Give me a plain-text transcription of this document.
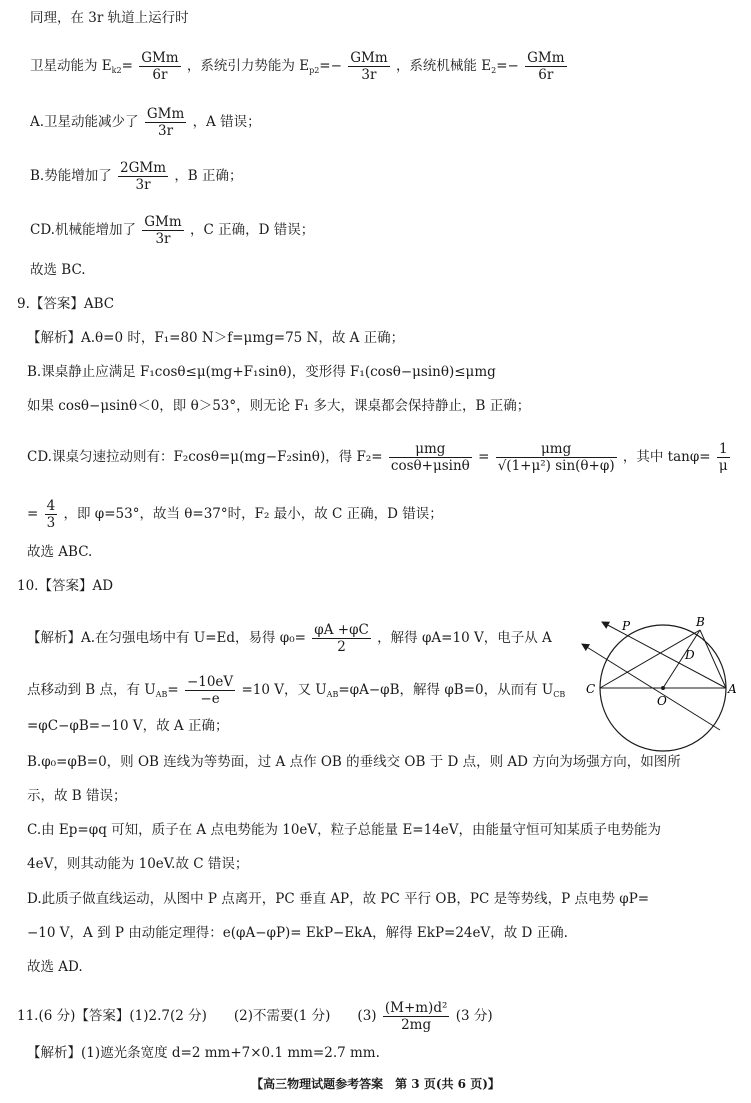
同理，在 3r 轨道上运行时
卫星动能为 $E_{k2}= \frac{\text{GMm}}{6r}$ ，系统引力势能为 $E_{p2}=- \frac{\text{GMm}}{3r}$ ，系统机械能 $E_2=- \frac{\text{GMm}}{6r}$
A.卫星动能减少了 $\frac{\text{GMm}}{3r}$ ，A 错误；
B.势能增加了 $\frac{\text{2GMm}}{3r}$ ，B 正确；
CD.机械能增加了 $\frac{\text{GMm}}{3r}$ ，C 正确，D 错误；
故选 BC.
9.【答案】ABC
【解析】A.θ=0 时，F₁=80 N＞f=μmg=75 N，故 A 正确；
B.课桌静止应满足 F₁cosθ≤μ(mg+F₁sinθ)，变形得 F₁(cosθ−μsinθ)≤μmg
如果 cosθ−μsinθ＜0，即 θ＞53°，则无论 F₁ 多大，课桌都会保持静止，B 正确；
CD.课桌匀速拉动则有：F₂cosθ=μ(mg−F₂sinθ)，得 $F_2= \frac{\text{μmg}}{\cos\theta+\mu\sin\theta} = \frac{\text{μmg}}{\text{√(1+μ²) sin(θ+φ)}}$ ，其中 $\tan\varphi= \frac{1}{\mu}$
= $\frac{4}{3}$ ，即 φ=53°，故当 θ=37°时，F₂ 最小，故 C 正确，D 错误；
故选 ABC.
10.【答案】AD
【解析】A.在匀强电场中有 U=Ed，易得 $\varphi_0= \frac{\varphi A +\varphi C}{2}$ ，解得 φA=10 V，电子从 A
点移动到 B 点，有 $U_{AB}= \frac{-10eV}{-e} =10$ V，又 $U_{AB}=\varphi A-\varphi B$，解得 φB=0，从而有 $U_{CB}$
=φC−φB=−10 V，故 A 正确；
B.φ₀=φB=0，则 OB 连线为等势面，过 A 点作 OB 的垂线交 OB 于 D 点，则 AD 方向为场强方向，如图所
示，故 B 错误；
C.由 Ep=φq 可知，质子在 A 点电势能为 10eV，粒子总能量 E=14eV，由能量守恒可知某质子电势能为
4eV，则其动能为 10eV.故 C 错误；
D.此质子做直线运动，从图中 P 点离开，PC 垂直 AP，故 PC 平行 OB，PC 是等势线，P 点电势 φP=
−10 V，A 到 P 由动能定理得：e(φA−φP)= EkP−EkA，解得 EkP=24eV，故 D 正确.
故选 AD.
11.(6 分)【答案】(1)2.7(2 分)　　(2)不需要(1 分)　　$(3) \frac{\text{(M+m)d²}}{2mg} (3$ 分)
【解析】(1)遮光条宽度 d=2 mm+7×0.1 mm=2.7 mm.
P	B
D
C
O
A
【高三物理试题参考答案　第 3 页(共 6 页)】
